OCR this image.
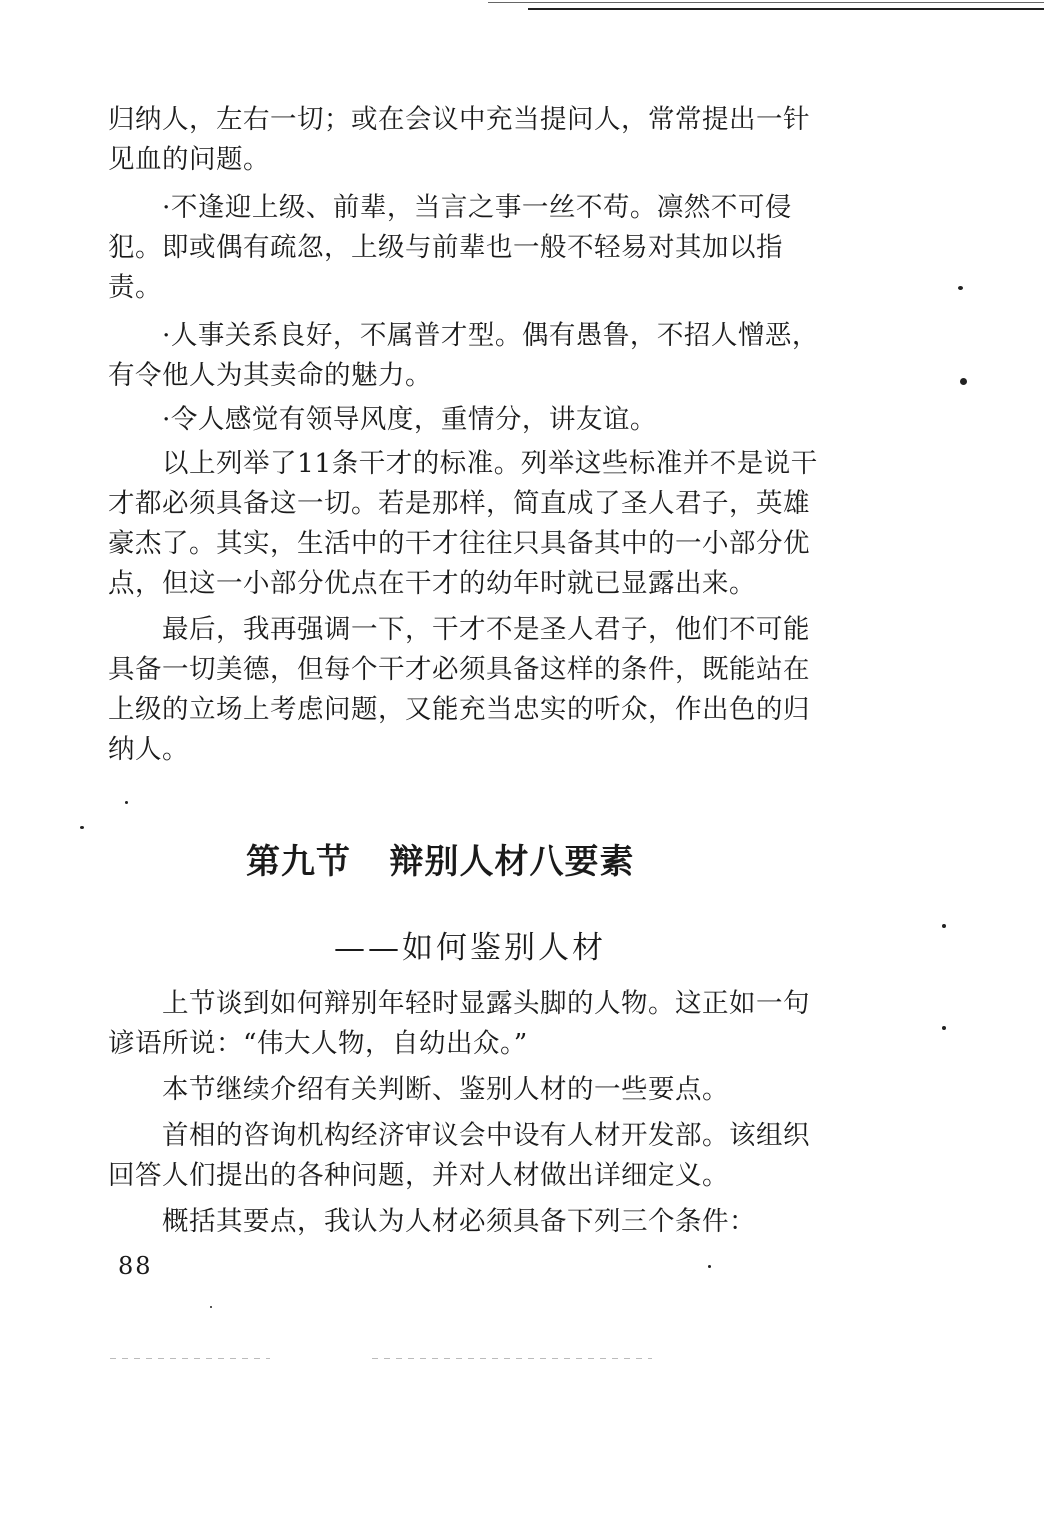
归纳人，左右一切；或在会议中充当提问人，常常提出一针见血的问题。

·不逢迎上级、前辈，当言之事一丝不苟。凛然不可侵犯。即或偶有疏忽，上级与前辈也一般不轻易对其加以指责。

·人事关系良好，不属普才型。偶有愚鲁，不招人憎恶，有令他人为其卖命的魅力。

·令人感觉有领导风度，重情分，讲友谊。

以上列举了11条干才的标准。列举这些标准并不是说干才都必须具备这一切。若是那样，简直成了圣人君子，英雄豪杰了。其实，生活中的干才往往只具备其中的一小部分优点，但这一小部分优点在干才的幼年时就已显露出来。

最后，我再强调一下，干才不是圣人君子，他们不可能具备一切美德，但每个干才必须具备这样的条件，既能站在上级的立场上考虑问题，又能充当忠实的听众，作出色的归纳人。

第九节   辩别人材八要素
——如何鉴别人材

上节谈到如何辩别年轻时显露头脚的人物。这正如一句谚语所说：“伟大人物，自幼出众。”

本节继续介绍有关判断、鉴别人材的一些要点。

首相的咨询机构经济审议会中设有人材开发部。该组织回答人们提出的各种问题，并对人材做出详细定义。

概括其要点，我认为人材必须具备下列三个条件：

88
